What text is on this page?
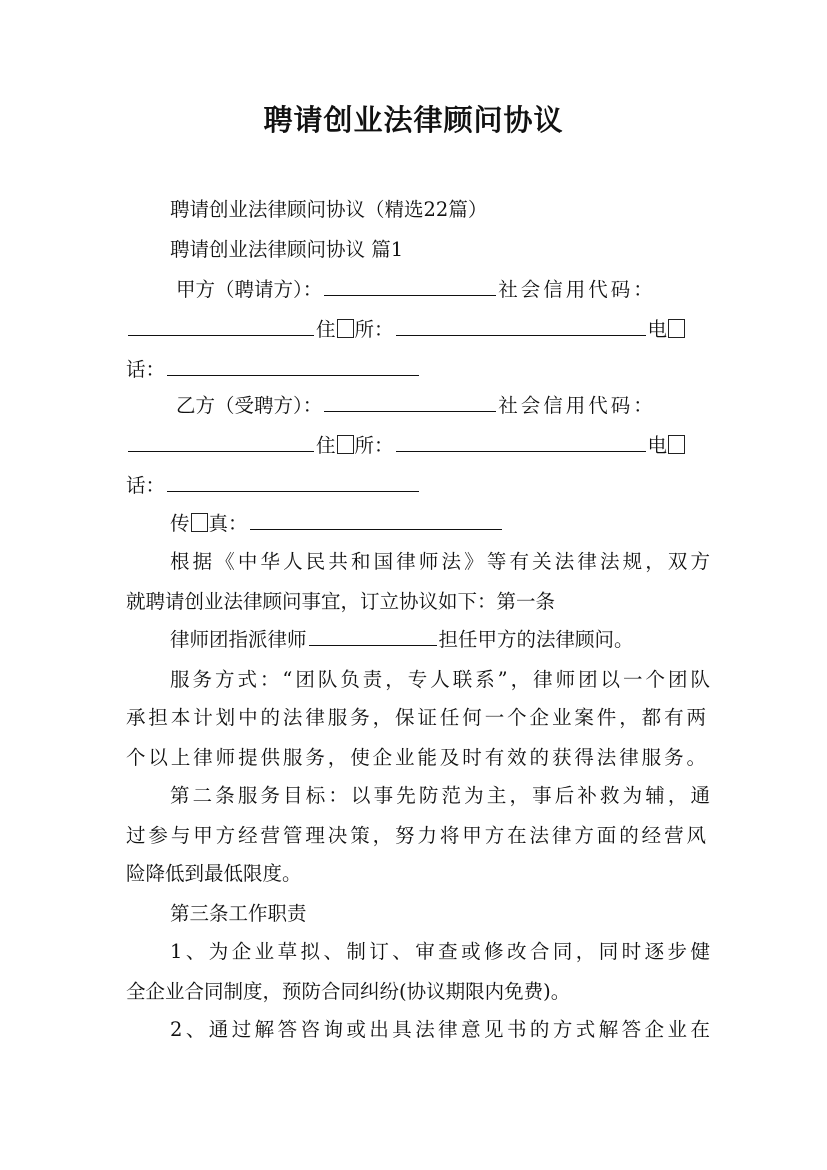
聘请创业法律顾问协议
聘请创业法律顾问协议（精选22篇）
聘请创业法律顾问协议 篇1
甲方（聘请方）：	社会信用代码：
住 所：	电
话：
乙方（受聘方）：	社会信用代码：
住 所：	电
话：
传 真：
根据《中华人民共和国律师法》等有关法律法规，双方
就聘请创业法律顾问事宜，订立协议如下：第一条
律师团指派律师	担任甲方的法律顾问。
服务方式：“团队负责，专人联系”，律师团以一个团队
承担本计划中的法律服务，保证任何一个企业案件，都有两
个以上律师提供服务，使企业能及时有效的获得法律服务。
第二条服务目标：以事先防范为主，事后补救为辅，通
过参与甲方经营管理决策，努力将甲方在法律方面的经营风
险降低到最低限度。
第三条工作职责
1、为企业草拟、制订、审查或修改合同，同时逐步健
全企业合同制度，预防合同纠纷(协议期限内免费)。
2、通过解答咨询或出具法律意见书的方式解答企业在
